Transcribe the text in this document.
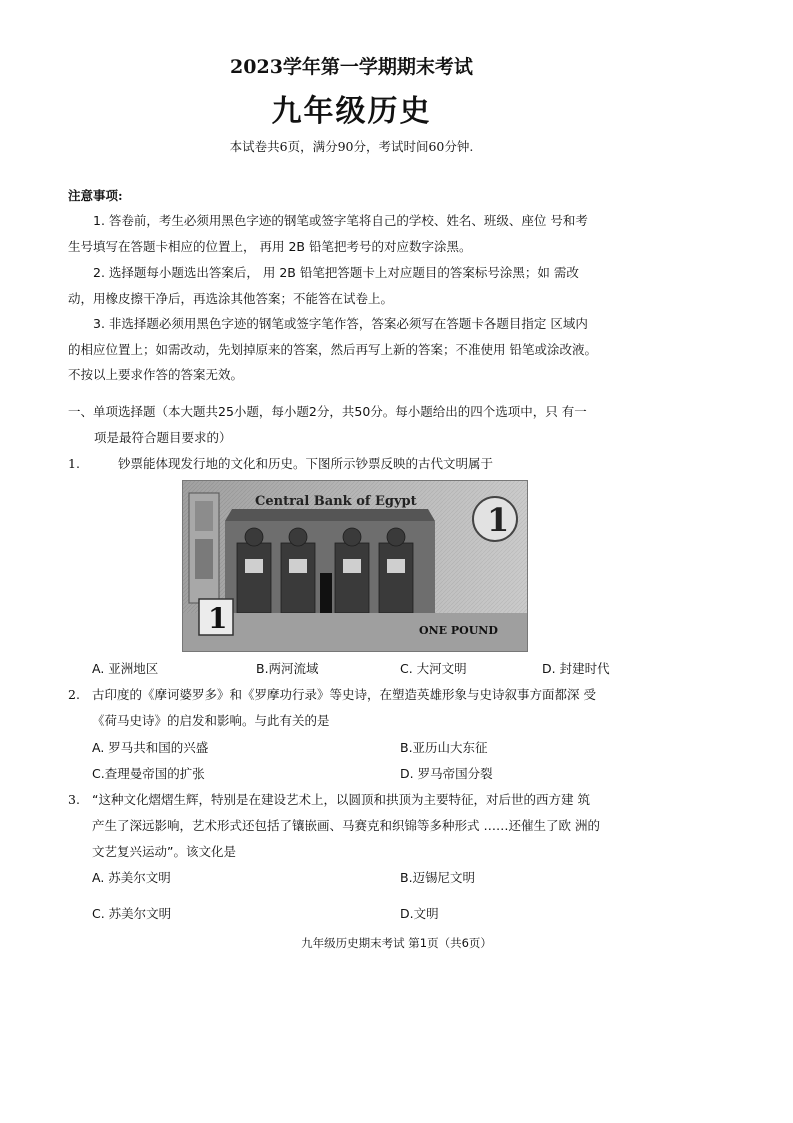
2023学年第一学期期末考试
九年级历史
本试卷共6页，满分90分，考试时间60分钟.
注意事项:
1. 答卷前，考生必须用黑色字迹的钢笔或签字笔将自己的学校、姓名、班级、座位 号和考
生号填写在答题卡相应的位置上， 再用 2B 铅笔把考号的对应数字涂黑。
2. 选择题每小题选出答案后， 用 2B 铅笔把答题卡上对应题目的答案标号涂黑；如 需改
动，用橡皮擦干净后，再选涂其他答案；不能答在试卷上。
3. 非选择题必须用黑色字迹的钢笔或签字笔作答，答案必须写在答题卡各题目指定 区域内
的相应位置上；如需改动，先划掉原来的答案，然后再写上新的答案；不准使用 铅笔或涂改液。
不按以上要求作答的答案无效。
一、单项选择题（本大题共25小题，每小题2分，共50分。每小题给出的四个选项中，只 有一
项是最符合题目要求的）
1.	钞票能体现发行地的文化和历史。下图所示钞票反映的古代文明属于
Central Bank of Egypt 1
1	ONE POUND
A. 亚洲地区	B.两河流域	C. 大河文明	D. 封建时代
2. 古印度的《摩诃婆罗多》和《罗摩功行录》等史诗，在塑造英雄形象与史诗叙事方面都深 受
《荷马史诗》的启发和影响。与此有关的是
A. 罗马共和国的兴盛	B.亚历山大东征
C.查理曼帝国的扩张	D. 罗马帝国分裂
3. “这种文化熠熠生辉，特别是在建设艺术上，以圆顶和拱顶为主要特征，对后世的西方建 筑
产生了深远影响，艺术形式还包括了镶嵌画、马赛克和织锦等多种形式 ……还催生了欧 洲的
文艺复兴运动”。该文化是
A. 苏美尔文明	B.迈锡尼文明
C. 苏美尔文明	D.文明
九年级历史期末考试 第1页（共6页）
